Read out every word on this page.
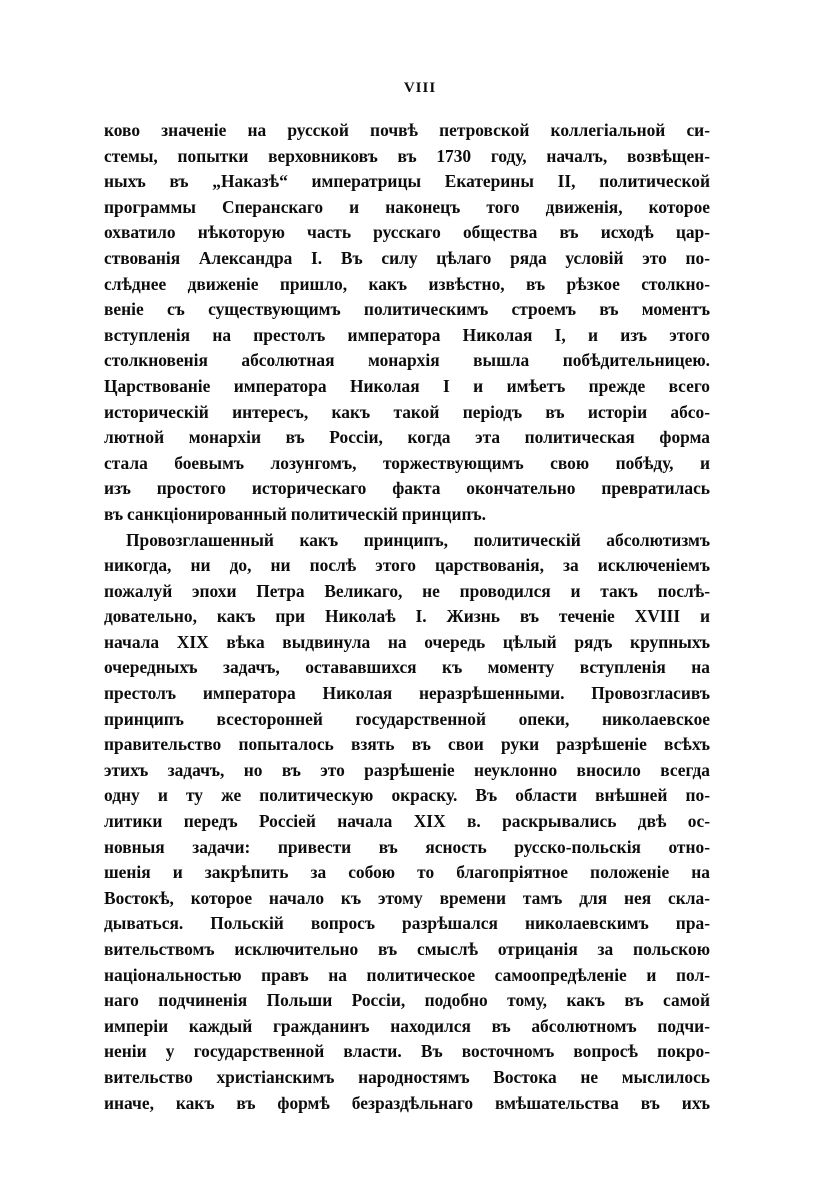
VIII
ково значеніе на русской почвѣ петровской коллегіальной си-
стемы, попытки верховниковъ въ 1730 году, началъ, возвѣщен-
ныхъ въ „Наказѣ“ императрицы Екатерины II, политической
программы Сперанскаго и наконецъ того движенія, которое
охватило нѣкоторую часть русскаго общества въ исходѣ цар-
ствованія Александра I. Въ силу цѣлаго ряда условій это по-
слѣднее движеніе пришло, какъ извѣстно, въ рѣзкое столкно-
веніе съ существующимъ политическимъ строемъ въ моментъ
вступленія на престолъ императора Николая I, и изъ этого
столкновенія абсолютная монархія вышла побѣдительницею.
Царствованіе императора Николая I и имѣетъ прежде всего
историческій интересъ, какъ такой періодъ въ исторіи абсо-
лютной монархіи въ Россіи, когда эта политическая форма
стала боевымъ лозунгомъ, торжествующимъ свою побѣду, и
изъ простого историческаго факта окончательно превратилась
въ санкціонированный политическій принципъ.
Провозглашенный какъ принципъ, политическій абсолютизмъ
никогда, ни до, ни послѣ этого царствованія, за исключеніемъ
пожалуй эпохи Петра Великаго, не проводился и такъ послѣ-
довательно, какъ при Николаѣ I. Жизнь въ теченіе XVIII и
начала XIX вѣка выдвинула на очередь цѣлый рядъ крупныхъ
очередныхъ задачъ, остававшихся къ моменту вступленія на
престолъ императора Николая неразрѣшенными. Провозгласивъ
принципъ всесторонней государственной опеки, николаевское
правительство попыталось взять въ свои руки разрѣшеніе всѣхъ
этихъ задачъ, но въ это разрѣшеніе неуклонно вносило всегда
одну и ту же политическую окраску. Въ области внѣшней по-
литики передъ Россіей начала XIX в. раскрывались двѣ ос-
новныя задачи: привести въ ясность русско-польскія отно-
шенія и закрѣпить за собою то благопріятное положеніе на
Востокѣ, которое начало къ этому времени тамъ для нея скла-
дываться. Польскій вопросъ разрѣшался николаевскимъ пра-
вительствомъ исключительно въ смыслѣ отрицанія за польскою
національностью правъ на политическое самоопредѣленіе и пол-
наго подчиненія Польши Россіи, подобно тому, какъ въ самой
имперіи каждый гражданинъ находился въ абсолютномъ подчи-
неніи у государственной власти. Въ восточномъ вопросѣ покро-
вительство христіанскимъ народностямъ Востока не мыслилось
иначе, какъ въ формѣ безраздѣльнаго вмѣшательства въ ихъ
